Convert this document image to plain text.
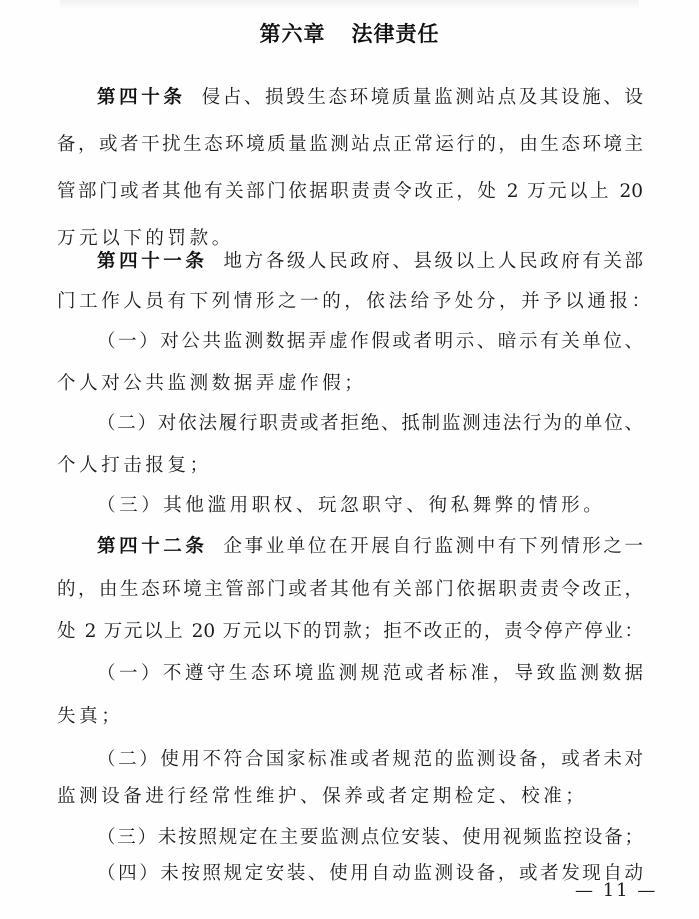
第六章 法律责任
第四十条 侵占、损毁生态环境质量监测站点及其设施、设
备，或者干扰生态环境质量监测站点正常运行的，由生态环境主
管部门或者其他有关部门依据职责责令改正，处 2 万元以上 20
万元以下的罚款。
第四十一条 地方各级人民政府、县级以上人民政府有关部
门工作人员有下列情形之一的，依法给予处分，并予以通报：
（一）对公共监测数据弄虚作假或者明示、暗示有关单位、
个人对公共监测数据弄虚作假；
（二）对依法履行职责或者拒绝、抵制监测违法行为的单位、
个人打击报复；
（三）其他滥用职权、玩忽职守、徇私舞弊的情形。
第四十二条 企事业单位在开展自行监测中有下列情形之一
的，由生态环境主管部门或者其他有关部门依据职责责令改正，
处 2 万元以上 20 万元以下的罚款；拒不改正的，责令停产停业：
（一）不遵守生态环境监测规范或者标准，导致监测数据
失真；
（二）使用不符合国家标准或者规范的监测设备，或者未对
监测设备进行经常性维护、保养或者定期检定、校准；
（三）未按照规定在主要监测点位安装、使用视频监控设备；
（四）未按照规定安装、使用自动监测设备，或者发现自动
— 11 —
